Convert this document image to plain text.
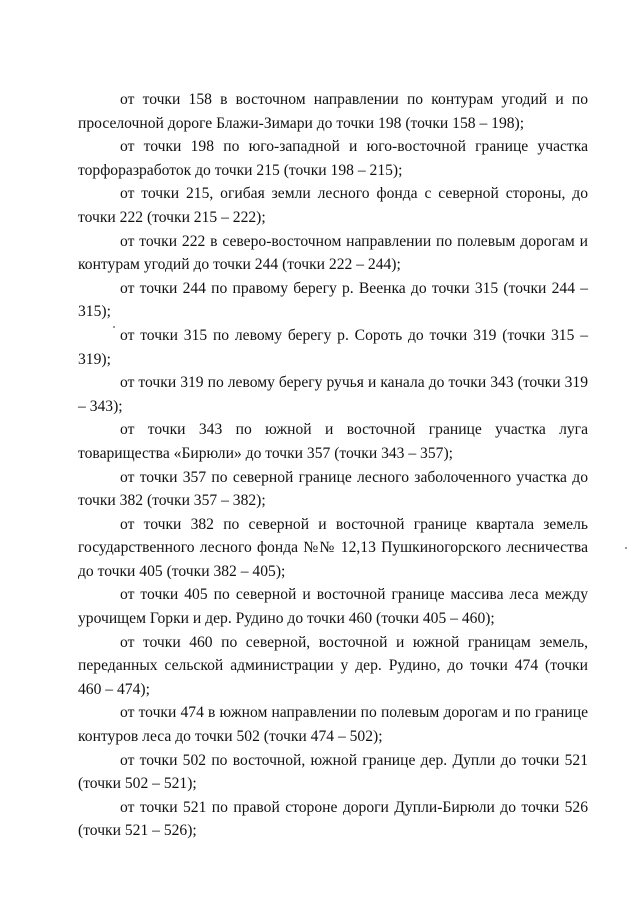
от точки 158 в восточном направлении по контурам угодий и по проселочной дороге Блажи-Зимари до точки 198 (точки 158 – 198);

от точки 198 по юго-западной и юго-восточной границе участка торфоразработок до точки 215 (точки 198 – 215);

от точки 215, огибая земли лесного фонда с северной стороны, до точки 222 (точки 215 – 222);

от точки 222 в северо-восточном направлении по полевым дорогам и контурам угодий до точки 244 (точки 222 – 244);

от точки 244 по правому берегу р. Веенка до точки 315 (точки 244 – 315);

от точки 315 по левому берегу р. Сороть до точки 319 (точки 315 – 319);

от точки 319 по левому берегу ручья и канала до точки 343 (точки 319 – 343);

от точки 343 по южной и восточной границе участка луга товарищества «Бирюли» до точки 357 (точки 343 – 357);

от точки 357 по северной границе лесного заболоченного участка до точки 382 (точки 357 – 382);

от точки 382 по северной и восточной границе квартала земель государственного лесного фонда №№ 12,13 Пушкиногорского лесничества до точки 405 (точки 382 – 405);

от точки 405 по северной и восточной границе массива леса между урочищем Горки и дер. Рудино до точки 460 (точки 405 – 460);

от точки 460 по северной, восточной и южной границам земель, переданных сельской администрации у дер. Рудино, до точки 474 (точки 460 – 474);

от точки 474 в южном направлении по полевым дорогам и по границе контуров леса до точки 502 (точки 474 – 502);

от точки 502 по восточной, южной границе дер. Дупли до точки 521 (точки 502 – 521);

от точки 521 по правой стороне дороги Дупли-Бирюли до точки 526 (точки 521 – 526);
